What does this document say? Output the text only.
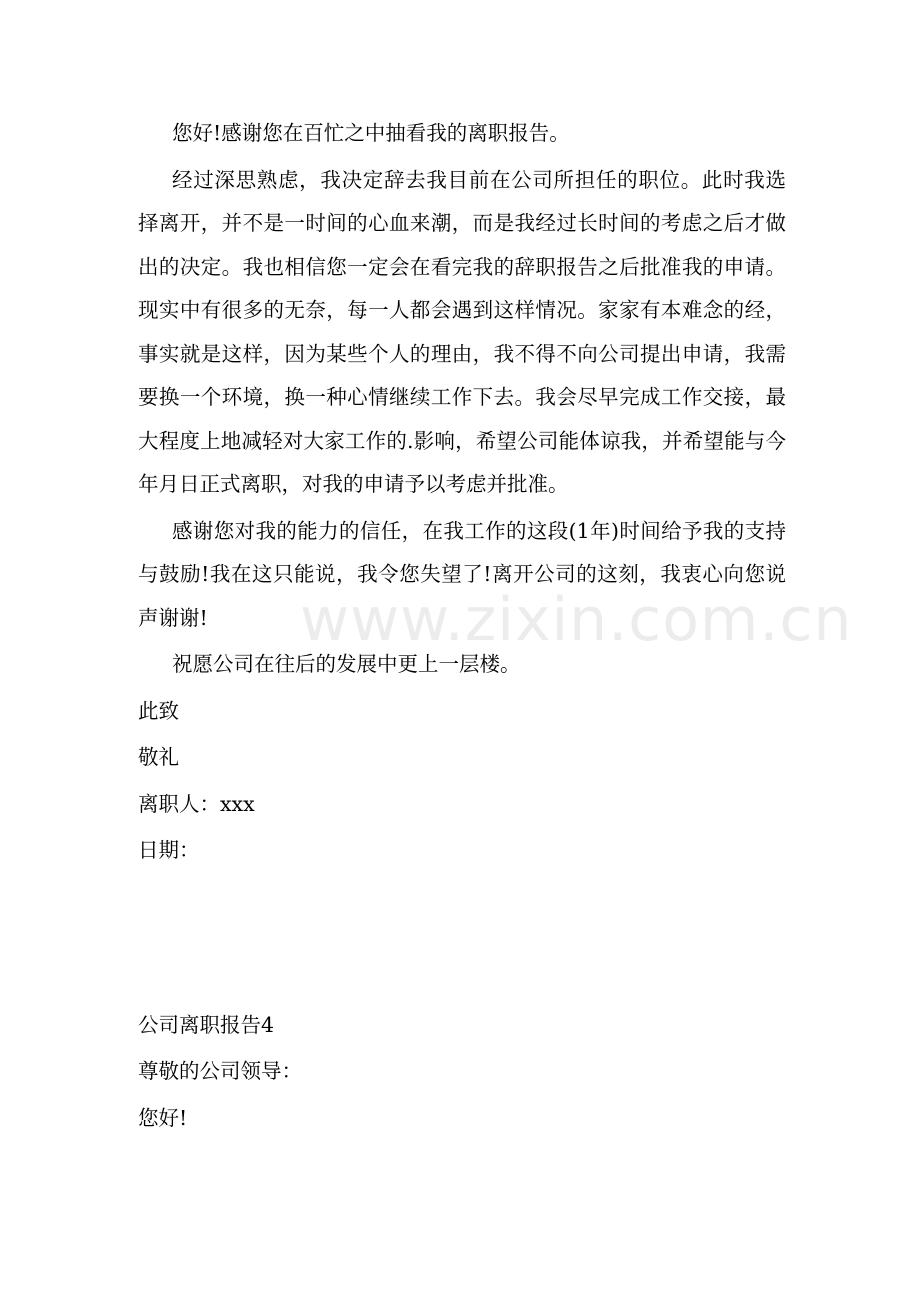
您好!感谢您在百忙之中抽看我的离职报告。

经过深思熟虑，我决定辞去我目前在公司所担任的职位。此时我选择离开，并不是一时间的心血来潮，而是我经过长时间的考虑之后才做出的决定。我也相信您一定会在看完我的辞职报告之后批准我的申请。现实中有很多的无奈，每一人都会遇到这样情况。家家有本难念的经，事实就是这样，因为某些个人的理由，我不得不向公司提出申请，我需要换一个环境，换一种心情继续工作下去。我会尽早完成工作交接，最大程度上地减轻对大家工作的.影响，希望公司能体谅我，并希望能与今年月日正式离职，对我的申请予以考虑并批准。

感谢您对我的能力的信任，在我工作的这段(1年)时间给予我的支持与鼓励!我在这只能说，我令您失望了!离开公司的这刻，我衷心向您说声谢谢!

祝愿公司在往后的发展中更上一层楼。

此致

敬礼

离职人：xxx

日期：

公司离职报告4

尊敬的公司领导：

您好!

www.zixin.com.cn
